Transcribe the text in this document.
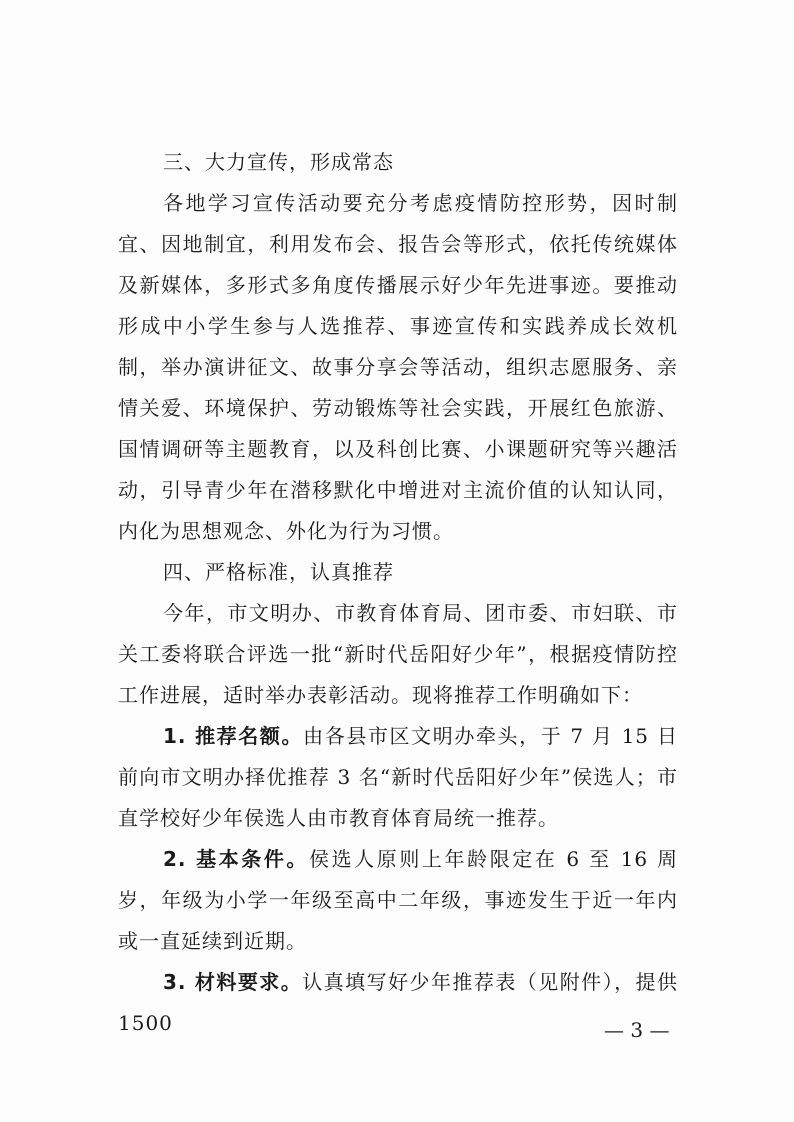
三、大力宣传，形成常态

各地学习宣传活动要充分考虑疫情防控形势，因时制宜、因地制宜，利用发布会、报告会等形式，依托传统媒体及新媒体，多形式多角度传播展示好少年先进事迹。要推动形成中小学生参与人选推荐、事迹宣传和实践养成长效机制，举办演讲征文、故事分享会等活动，组织志愿服务、亲情关爱、环境保护、劳动锻炼等社会实践，开展红色旅游、国情调研等主题教育，以及科创比赛、小课题研究等兴趣活动，引导青少年在潜移默化中增进对主流价值的认知认同，内化为思想观念、外化为行为习惯。

四、严格标准，认真推荐

今年，市文明办、市教育体育局、团市委、市妇联、市关工委将联合评选一批“新时代岳阳好少年”，根据疫情防控工作进展，适时举办表彰活动。现将推荐工作明确如下：

1. 推荐名额。由各县市区文明办牵头，于 7 月 15 日前向市文明办择优推荐 3 名“新时代岳阳好少年”侯选人；市直学校好少年侯选人由市教育体育局统一推荐。

2. 基本条件。侯选人原则上年龄限定在 6 至 16 周岁，年级为小学一年级至高中二年级，事迹发生于近一年内或一直延续到近期。

3. 材料要求。认真填写好少年推荐表（见附件），提供 1500	— 3 —
